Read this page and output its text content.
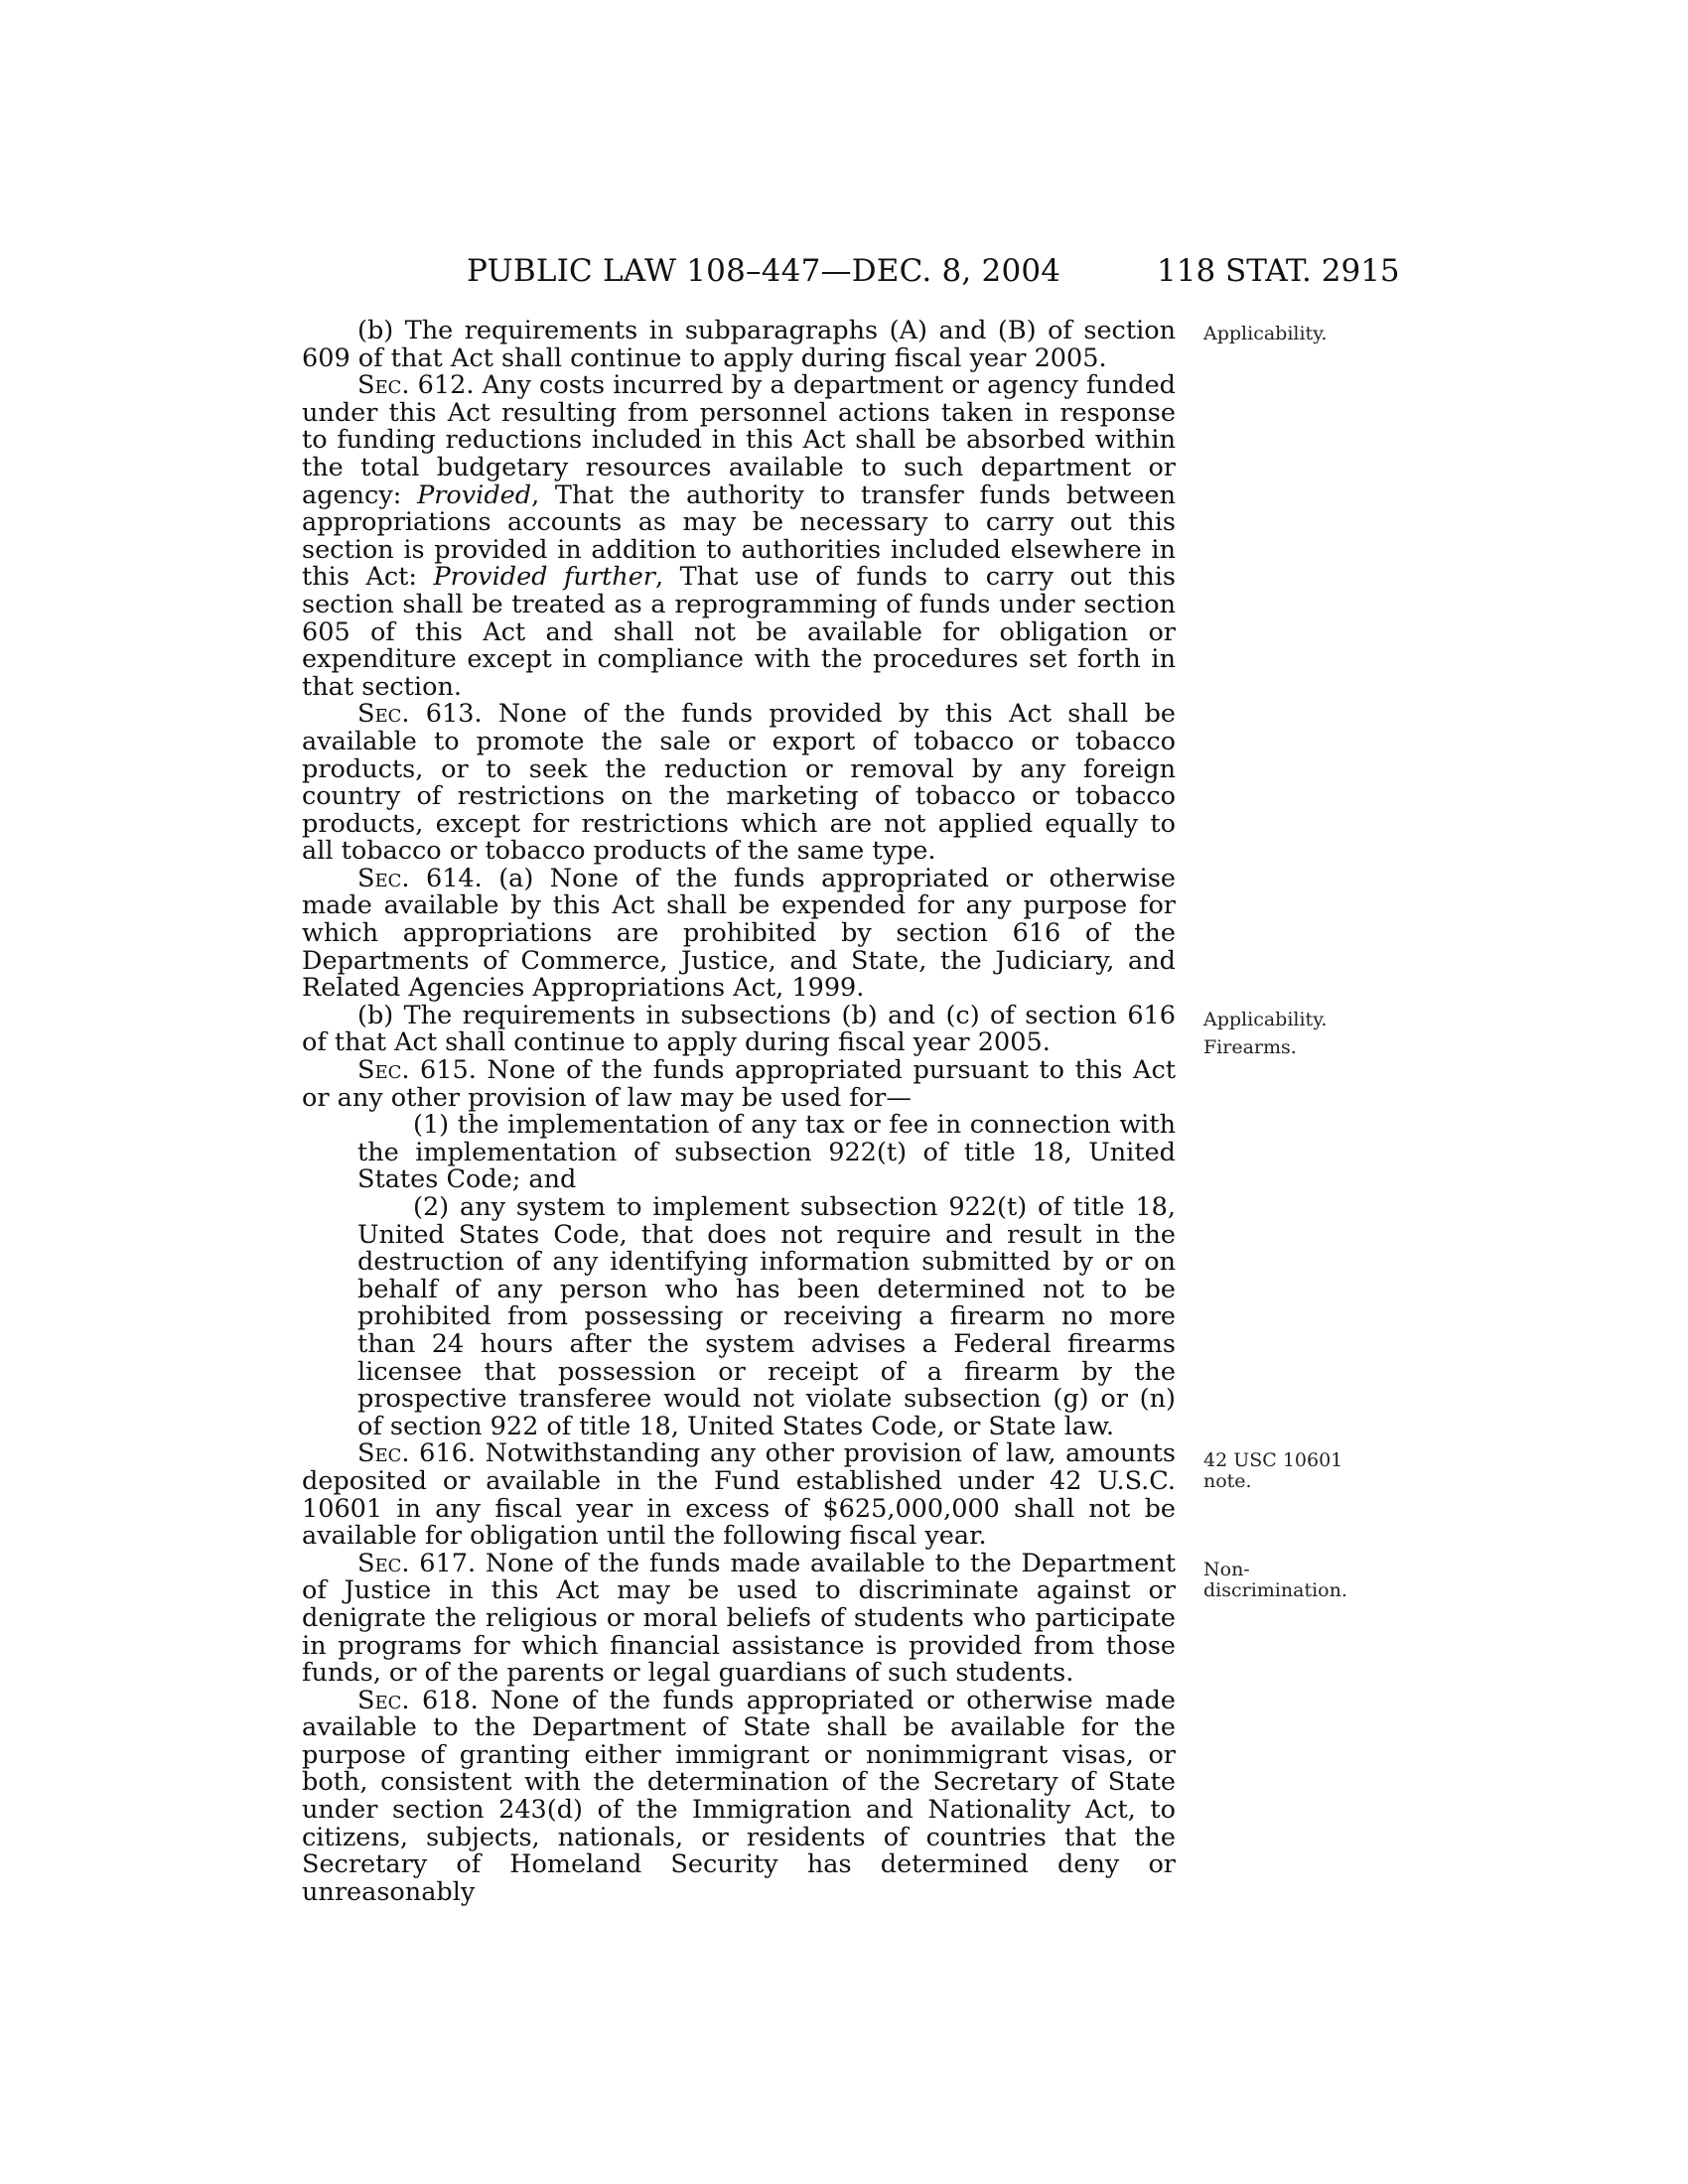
PUBLIC LAW 108–447—DEC. 8, 2004	118 STAT. 2915

(b) The requirements in subparagraphs (A) and (B) of section 609 of that Act shall continue to apply during fiscal year 2005.

Sec. 612. Any costs incurred by a department or agency funded under this Act resulting from personnel actions taken in response to funding reductions included in this Act shall be absorbed within the total budgetary resources available to such department or agency: Provided, That the authority to transfer funds between appropriations accounts as may be necessary to carry out this section is provided in addition to authorities included elsewhere in this Act: Provided further, That use of funds to carry out this section shall be treated as a reprogramming of funds under section 605 of this Act and shall not be available for obligation or expenditure except in compliance with the procedures set forth in that section.

Sec. 613. None of the funds provided by this Act shall be available to promote the sale or export of tobacco or tobacco products, or to seek the reduction or removal by any foreign country of restrictions on the marketing of tobacco or tobacco products, except for restrictions which are not applied equally to all tobacco or tobacco products of the same type.

Sec. 614. (a) None of the funds appropriated or otherwise made available by this Act shall be expended for any purpose for which appropriations are prohibited by section 616 of the Departments of Commerce, Justice, and State, the Judiciary, and Related Agencies Appropriations Act, 1999.

(b) The requirements in subsections (b) and (c) of section 616 of that Act shall continue to apply during fiscal year 2005.

Sec. 615. None of the funds appropriated pursuant to this Act or any other provision of law may be used for—

(1) the implementation of any tax or fee in connection with the implementation of subsection 922(t) of title 18, United States Code; and

(2) any system to implement subsection 922(t) of title 18, United States Code, that does not require and result in the destruction of any identifying information submitted by or on behalf of any person who has been determined not to be prohibited from possessing or receiving a firearm no more than 24 hours after the system advises a Federal firearms licensee that possession or receipt of a firearm by the prospective transferee would not violate subsection (g) or (n) of section 922 of title 18, United States Code, or State law.

Sec. 616. Notwithstanding any other provision of law, amounts deposited or available in the Fund established under 42 U.S.C. 10601 in any fiscal year in excess of $625,000,000 shall not be available for obligation until the following fiscal year.

Sec. 617. None of the funds made available to the Department of Justice in this Act may be used to discriminate against or denigrate the religious or moral beliefs of students who participate in programs for which financial assistance is provided from those funds, or of the parents or legal guardians of such students.

Sec. 618. None of the funds appropriated or otherwise made available to the Department of State shall be available for the purpose of granting either immigrant or nonimmigrant visas, or both, consistent with the determination of the Secretary of State under section 243(d) of the Immigration and Nationality Act, to citizens, subjects, nationals, or residents of countries that the Secretary of Homeland Security has determined deny or unreasonably

Applicability.
Applicability.
Firearms.
42 USC 10601
note.
Non-
discrimination.
